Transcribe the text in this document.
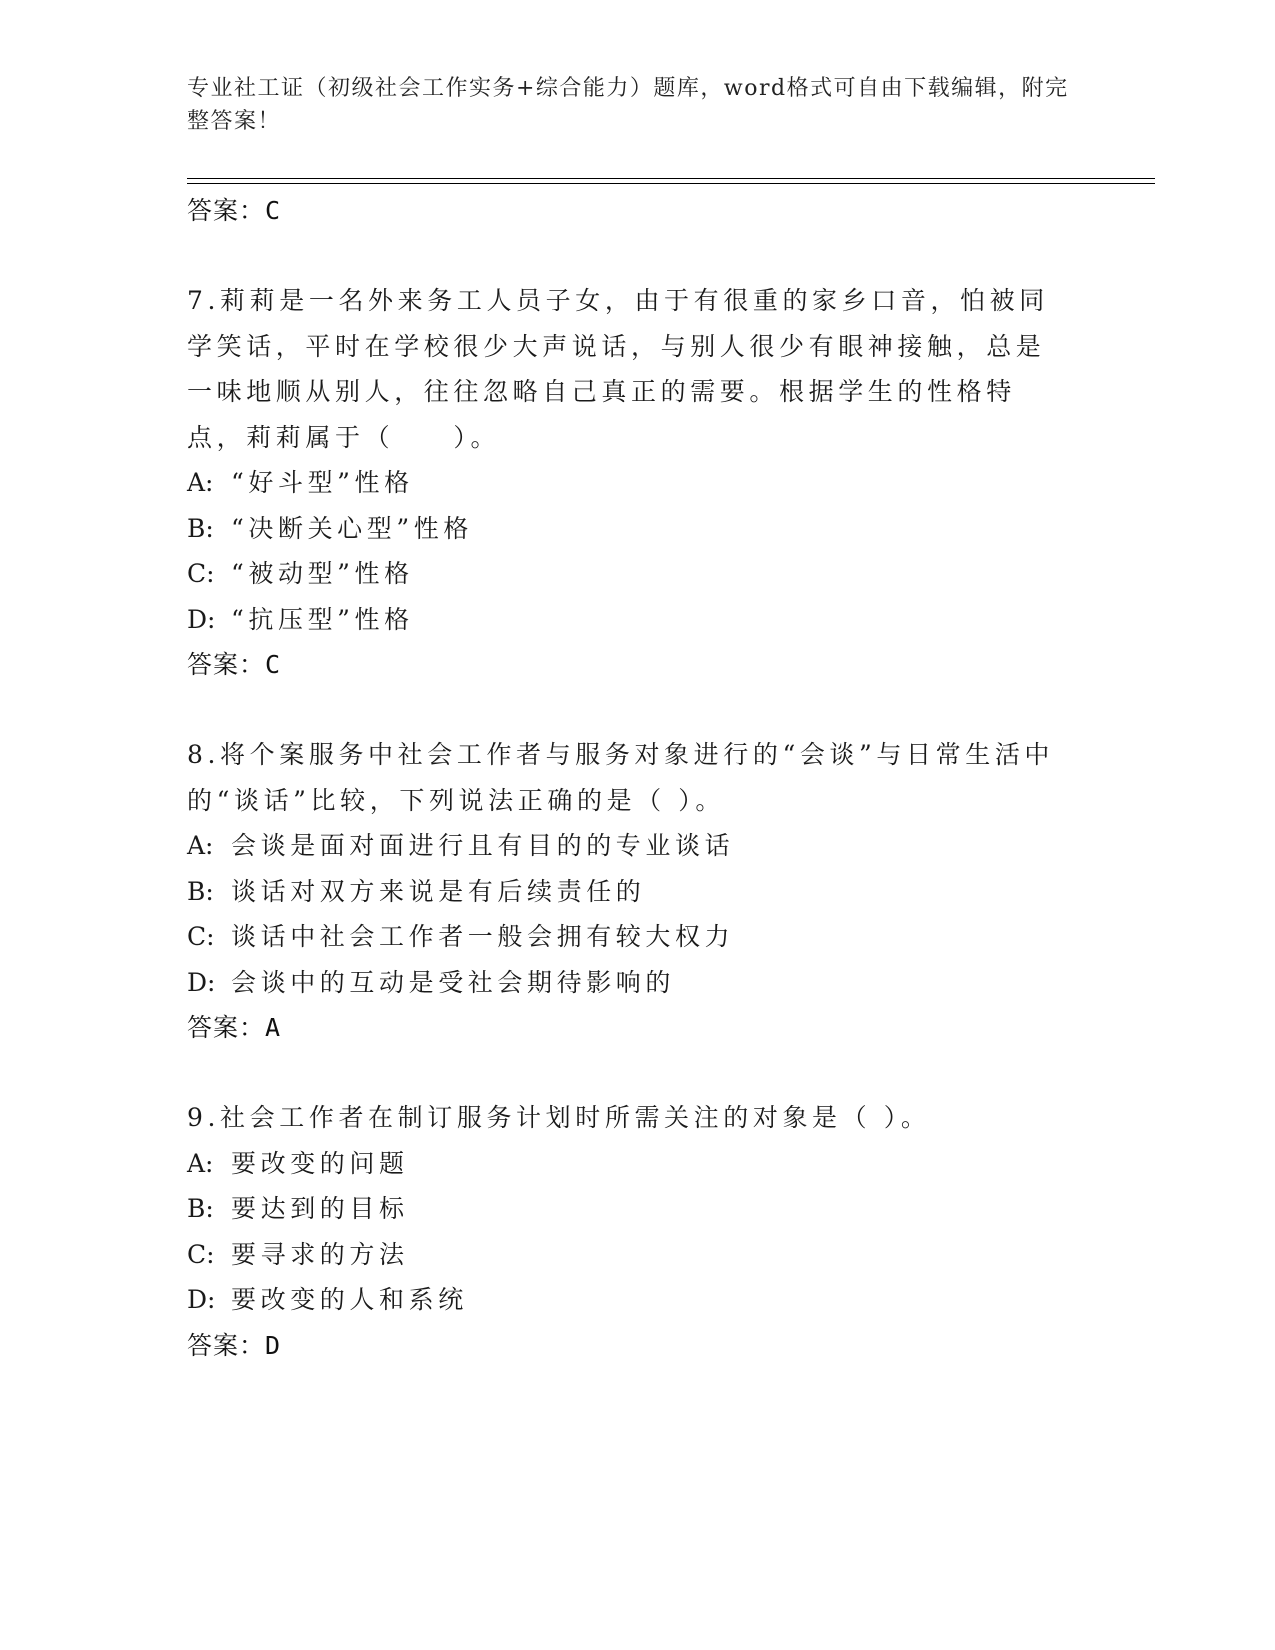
专业社工证（初级社会工作实务+综合能力）题库，word格式可自由下载编辑，附完整答案！

答案：C

7.莉莉是一名外来务工人员子女，由于有很重的家乡口音，怕被同学笑话，平时在学校很少大声说话，与别人很少有眼神接触，总是一味地顺从别人，往往忽略自己真正的需要。根据学生的性格特点，莉莉属于（　　）。

A: “好斗型”性格

B: “决断关心型”性格

C: “被动型”性格

D: “抗压型”性格

答案：C

8.将个案服务中社会工作者与服务对象进行的“会谈”与日常生活中的“谈话”比较，下列说法正确的是（ ）。

A: 会谈是面对面进行且有目的的专业谈话

B: 谈话对双方来说是有后续责任的

C: 谈话中社会工作者一般会拥有较大权力

D: 会谈中的互动是受社会期待影响的

答案：A

9.社会工作者在制订服务计划时所需关注的对象是（ ）。

A: 要改变的问题

B: 要达到的目标

C: 要寻求的方法

D: 要改变的人和系统

答案：D
